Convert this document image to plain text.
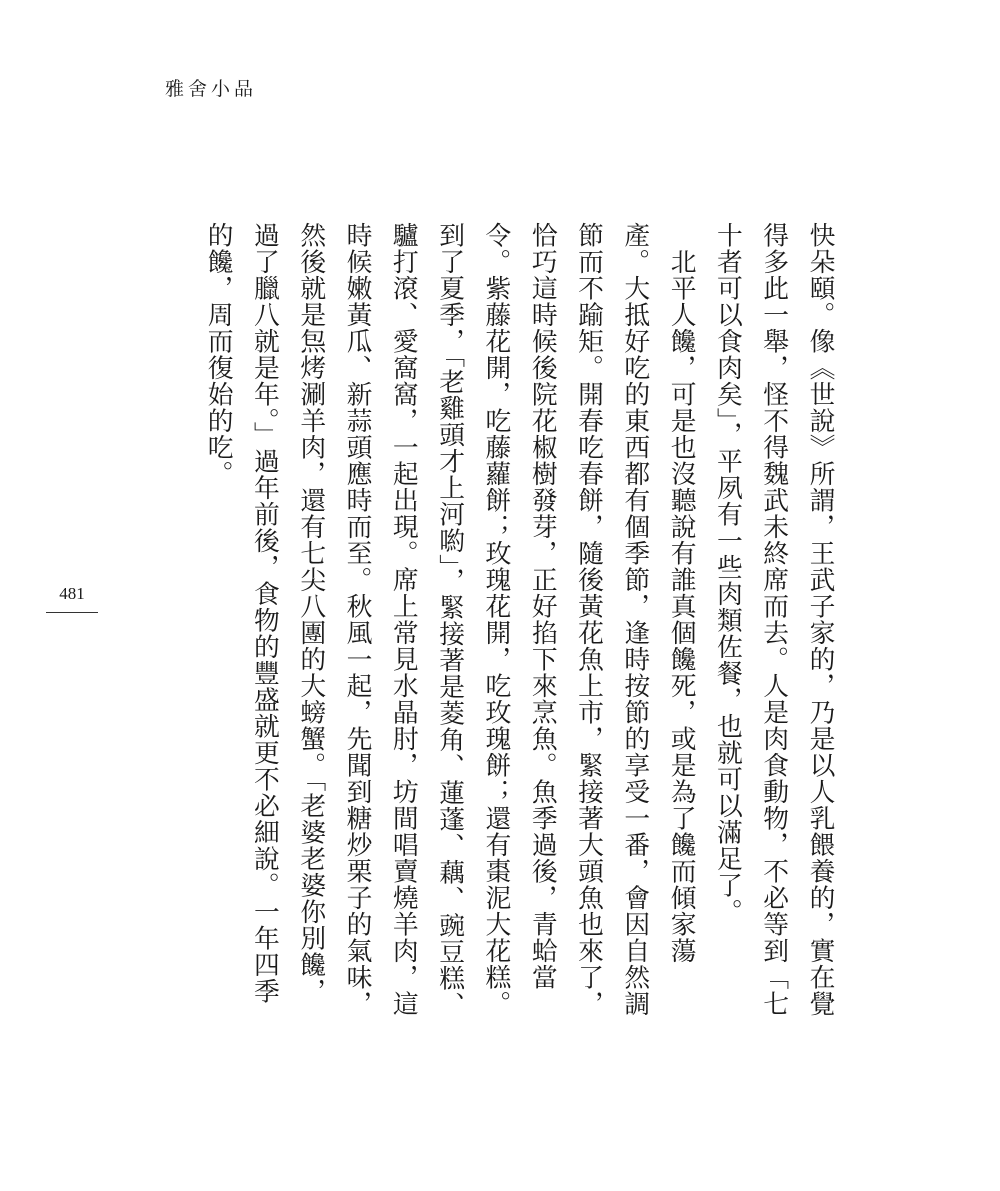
雅舍小品
481	快朵頤。像《世說》所謂，王武子家的，乃是以人乳餵養的，實在覺
得多此一舉，怪不得魏武未終席而去。人是肉食動物，不必等到「七
十者可以食肉矣」，平夙有一些肉類佐餐，也就可以滿足了。
　北平人饞，可是也沒聽說有誰真個饞死，或是為了饞而傾家蕩
產。大抵好吃的東西都有個季節，逢時按節的享受一番，會因自然調
節而不踰矩。開春吃春餅，隨後黃花魚上市，緊接著大頭魚也來了，
恰巧這時候後院花椒樹發芽，正好掐下來烹魚。魚季過後，青蛤當
令。紫藤花開，吃藤蘿餅；玫瑰花開，吃玫瑰餅；還有棗泥大花糕。
到了夏季，「老雞頭才上河喲」，緊接著是菱角、蓮蓬、藕、豌豆糕、
驢打滾、愛窩窩，一起出現。席上常見水晶肘，坊間唱賣燒羊肉，這
時候嫩黃瓜、新蒜頭應時而至。秋風一起，先聞到糖炒栗子的氣味，
然後就是炰烤涮羊肉，還有七尖八團的大螃蟹。「老婆老婆你別饞，
過了臘八就是年。」過年前後，食物的豐盛就更不必細說。一年四季
的饞，周而復始的吃。
